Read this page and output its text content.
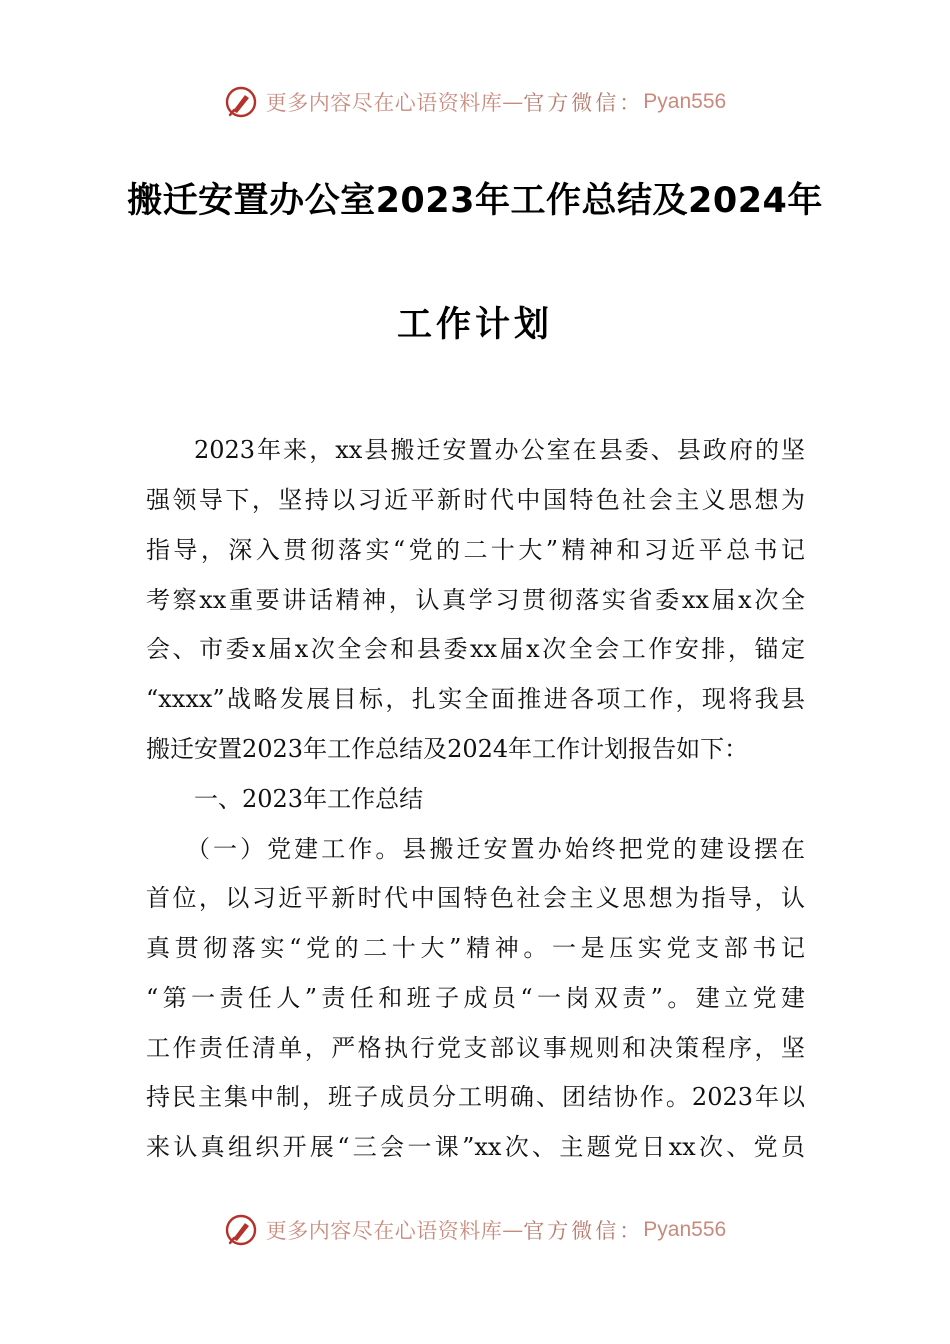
更多内容尽在心语资料库 — 官方微信： Pyan556
搬迁安置办公室2023年工作总结及2024年
工作计划
2023年来，xx县搬迁安置办公室在县委、县政府的坚
强领导下，坚持以习近平新时代中国特色社会主义思想为
指导，深入贯彻落实“党的二十大”精神和习近平总书记
考察xx重要讲话精神，认真学习贯彻落实省委xx届x次全
会、市委x届x次全会和县委xx届x次全会工作安排，锚定
“xxxx”战略发展目标，扎实全面推进各项工作，现将我县
搬迁安置2023年工作总结及2024年工作计划报告如下：
一、2023年工作总结
（一）党建工作。县搬迁安置办始终把党的建设摆在
首位，以习近平新时代中国特色社会主义思想为指导，认
真贯彻落实“党的二十大”精神。一是压实党支部书记
“第一责任人”责任和班子成员“一岗双责”。建立党建
工作责任清单，严格执行党支部议事规则和决策程序，坚
持民主集中制，班子成员分工明确、团结协作。2023年以
来认真组织开展“三会一课”xx次、主题党日xx次、党员
更多内容尽在心语资料库 — 官方微信： Pyan556
